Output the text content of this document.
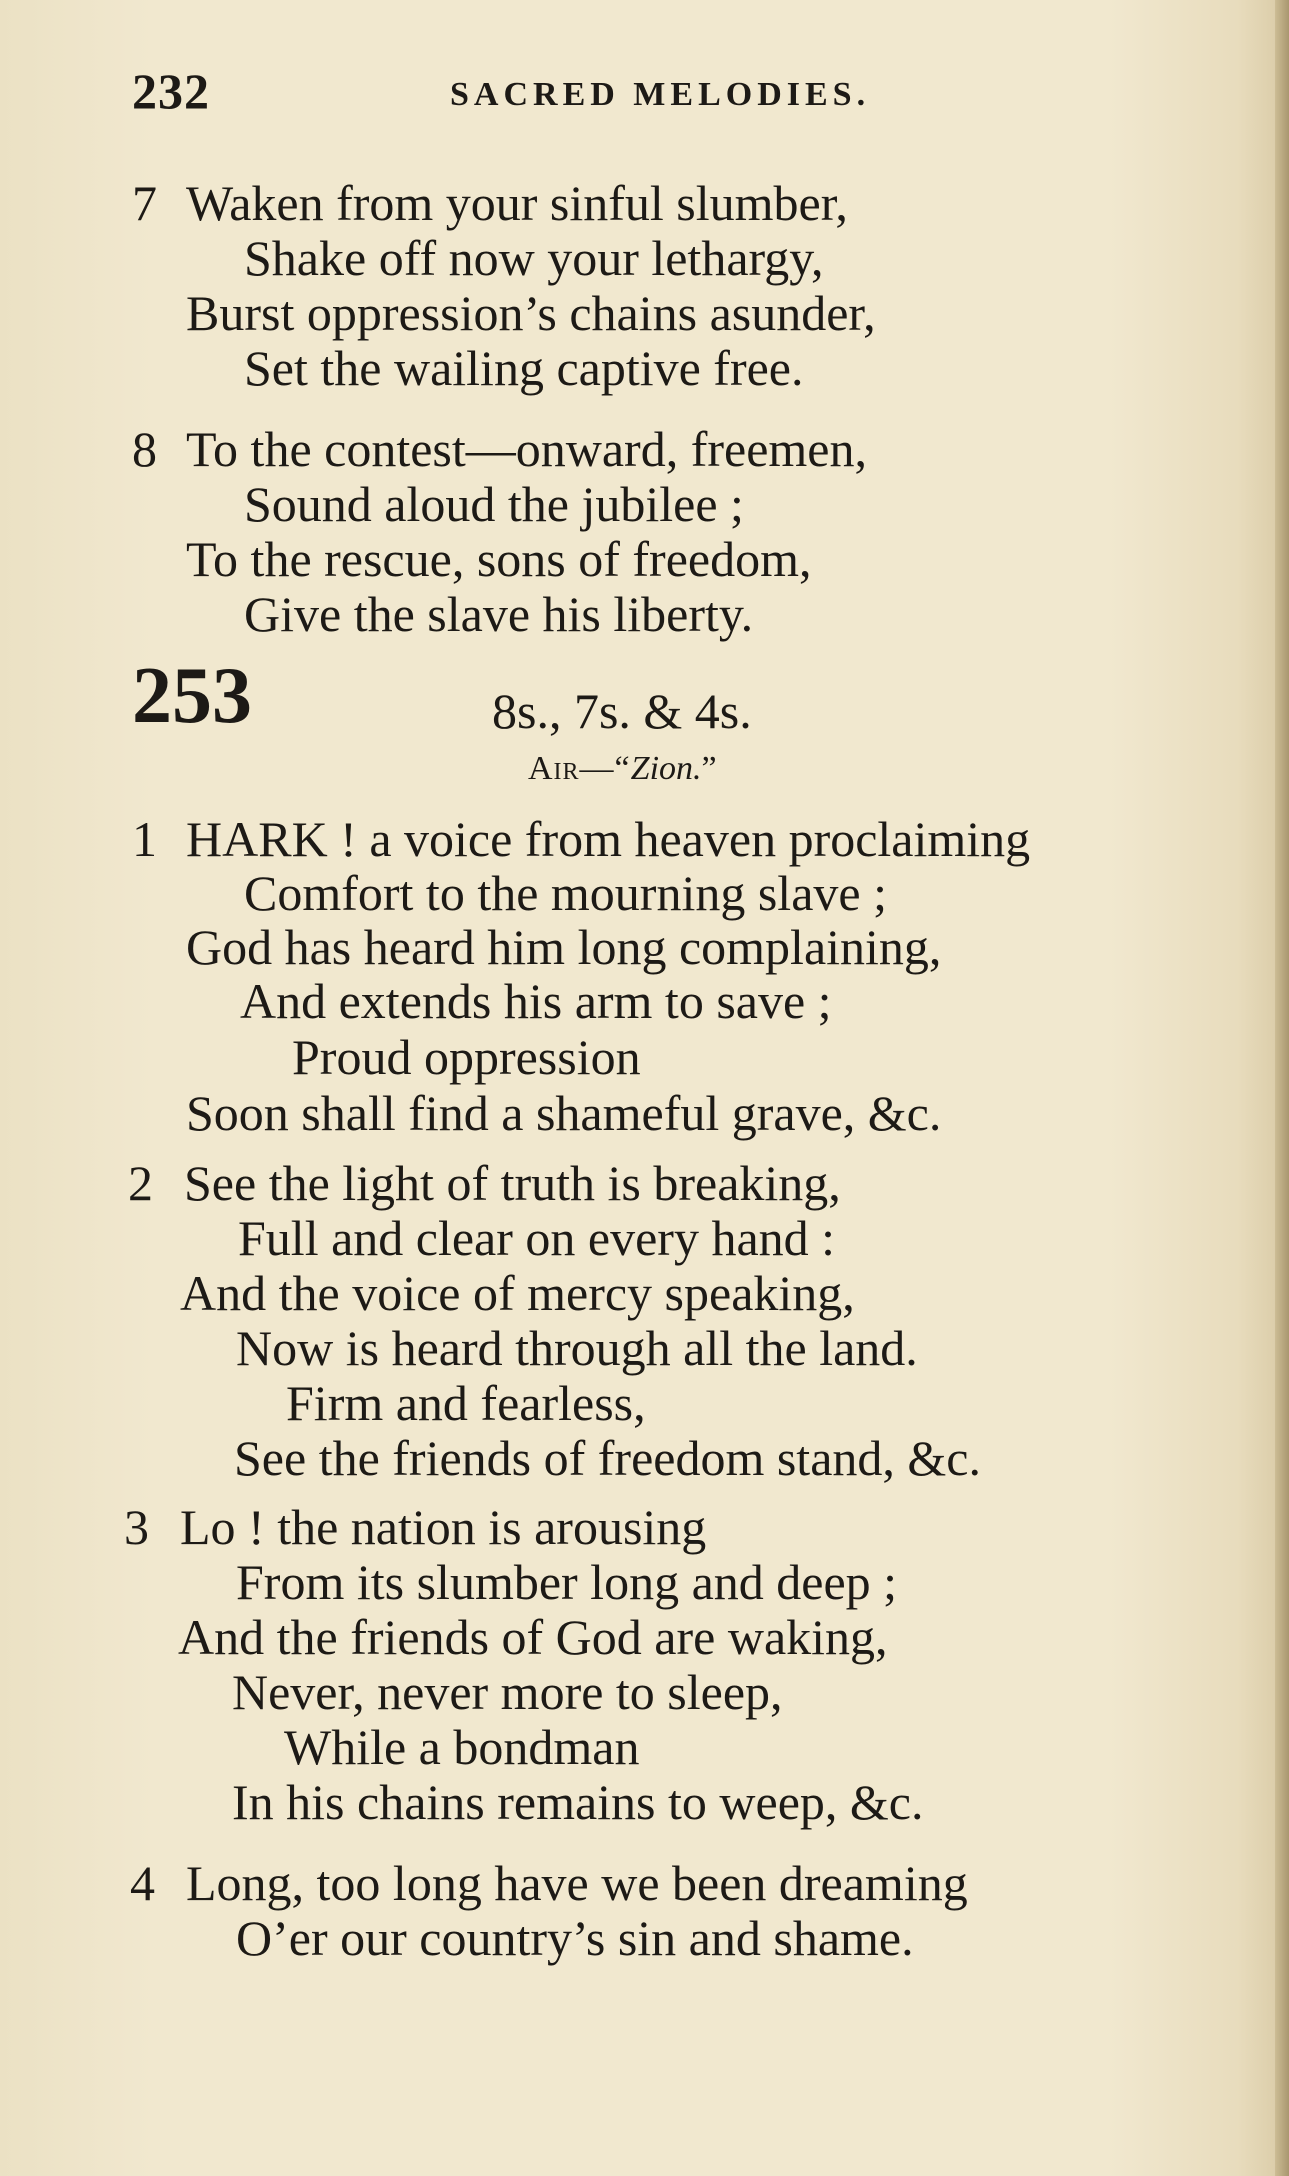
232	SACRED MELODIES.
7 Waken from your sinful slumber,
Shake off now your lethargy,
Burst oppression’s chains asunder,
Set the wailing captive free.
8 To the contest—onward, freemen,
Sound aloud the jubilee ;
To the rescue, sons of freedom,
Give the slave his liberty.
253	8s., 7s. & 4s.
Air—“Zion.”
1 HARK ! a voice from heaven proclaiming
Comfort to the mourning slave ;
God has heard him long complaining,
And extends his arm to save ;
Proud oppression
Soon shall find a shameful grave, &c.
2 See the light of truth is breaking,
Full and clear on every hand :
And the voice of mercy speaking,
Now is heard through all the land.
Firm and fearless,
See the friends of freedom stand, &c.
3 Lo ! the nation is arousing
From its slumber long and deep ;
And the friends of God are waking,
Never, never more to sleep,
While a bondman
In his chains remains to weep, &c.
4 Long, too long have we been dreaming
O’er our country’s sin and shame.
